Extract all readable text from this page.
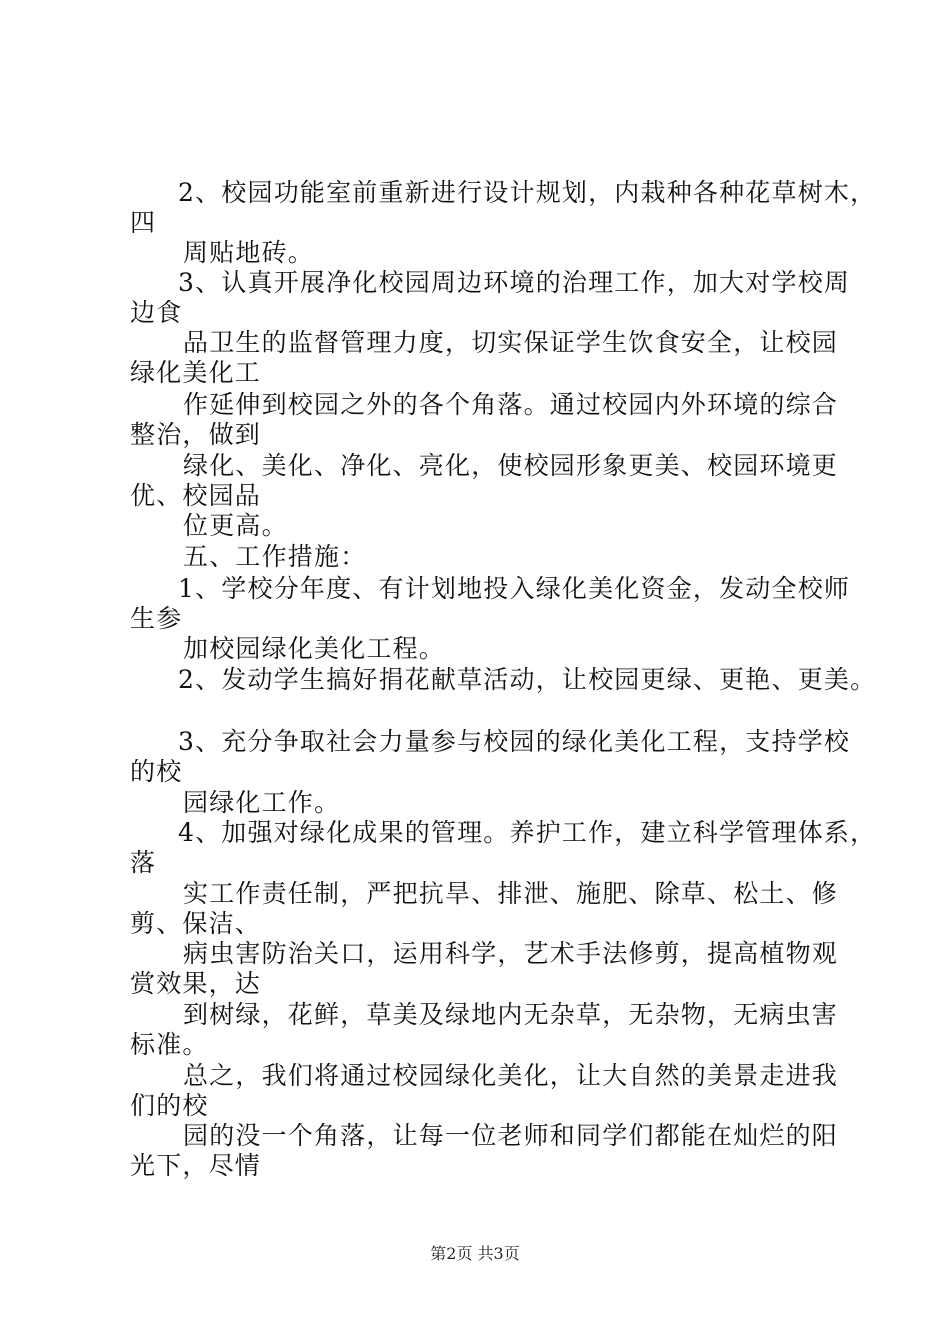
2、校园功能室前重新进行设计规划，内栽种各种花草树木，
四
周贴地砖。
3、认真开展净化校园周边环境的治理工作，加大对学校周
边食
品卫生的监督管理力度，切实保证学生饮食安全，让校园
绿化美化工
作延伸到校园之外的各个角落。通过校园内外环境的综合
整治，做到
绿化、美化、净化、亮化，使校园形象更美、校园环境更
优、校园品
位更高。
五、工作措施：
1、学校分年度、有计划地投入绿化美化资金，发动全校师
生参
加校园绿化美化工程。
2、发动学生搞好捐花献草活动，让校园更绿、更艳、更美。
3、充分争取社会力量参与校园的绿化美化工程，支持学校
的校
园绿化工作。
4、加强对绿化成果的管理。养护工作，建立科学管理体系，
落
实工作责任制，严把抗旱、排泄、施肥、除草、松土、修
剪、保洁、
病虫害防治关口，运用科学，艺术手法修剪，提高植物观
赏效果，达
到树绿，花鲜，草美及绿地内无杂草，无杂物，无病虫害
标准。
总之，我们将通过校园绿化美化，让大自然的美景走进我
们的校
园的没一个角落，让每一位老师和同学们都能在灿烂的阳
光下，尽情
第2页 共3页
